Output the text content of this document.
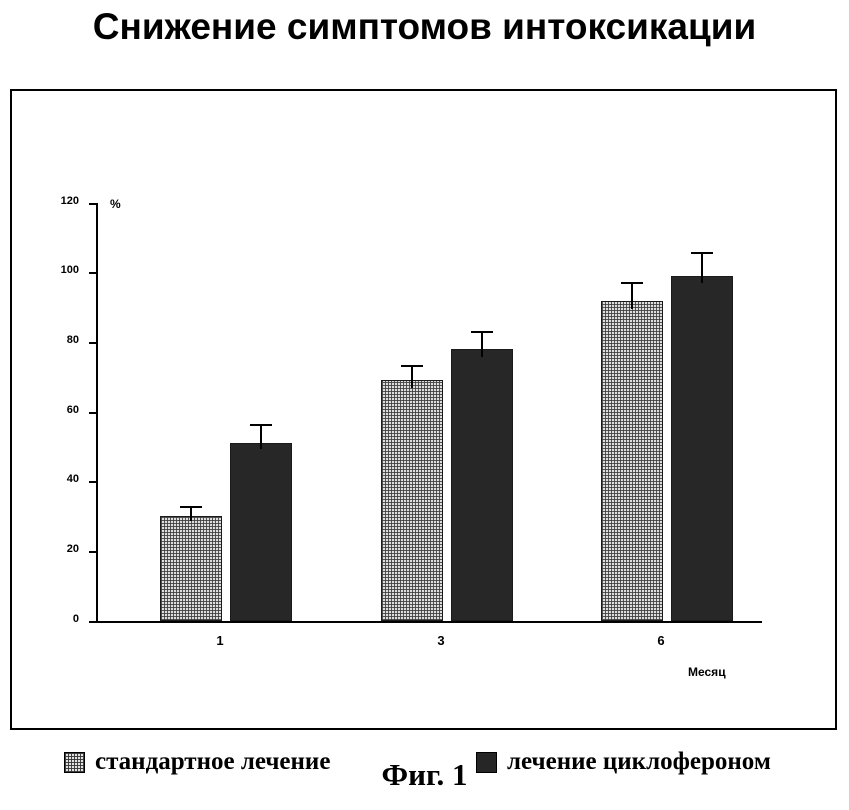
Снижение симптомов интоксикации
120
100
80
60
40
20
0
%
1	3	6
Месяц
стандартное лечение	лечение циклофероном
Фиг. 1
